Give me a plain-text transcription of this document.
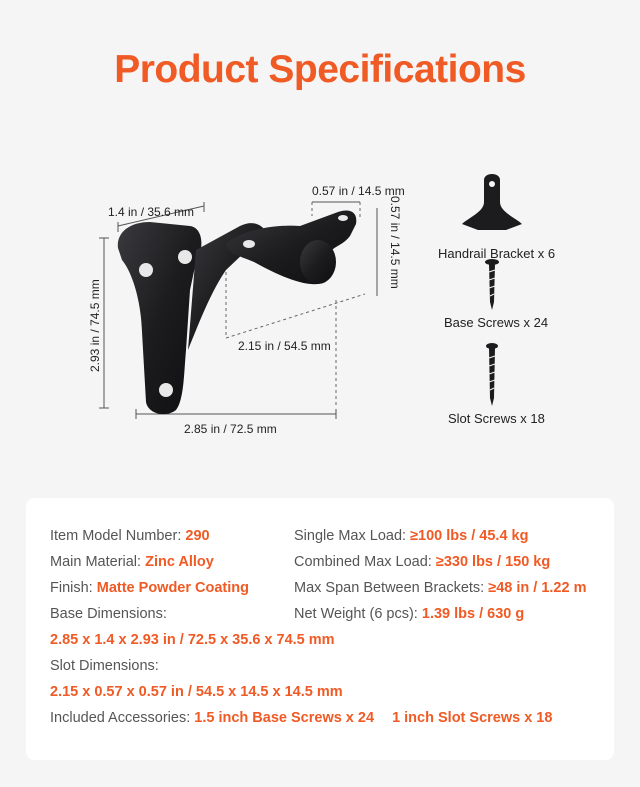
Product Specifications
1.4 in / 35.6 mm
0.57 in / 14.5 mm
0.57 in / 14.5 mm
2.93 in / 74.5 mm	2.15 in / 54.5 mm
2.85 in / 72.5 mm
Handrail Bracket x 6
Base Screws x 24
Slot Screws x 18
Item Model Number: 290
Main Material: Zinc Alloy
Finish: Matte Powder Coating
Base Dimensions:
2.85 x 1.4 x 2.93 in / 72.5 x 35.6 x 74.5 mm
Slot Dimensions:
2.15 x 0.57 x 0.57 in / 54.5 x 14.5 x 14.5 mm
Included Accessories: 1.5 inch Base Screws x 24 1 inch Slot Screws x 18
Single Max Load: ≥100 lbs / 45.4 kg
Combined Max Load: ≥330 lbs / 150 kg
Max Span Between Brackets: ≥48 in / 1.22 m
Net Weight (6 pcs): 1.39 lbs / 630 g
